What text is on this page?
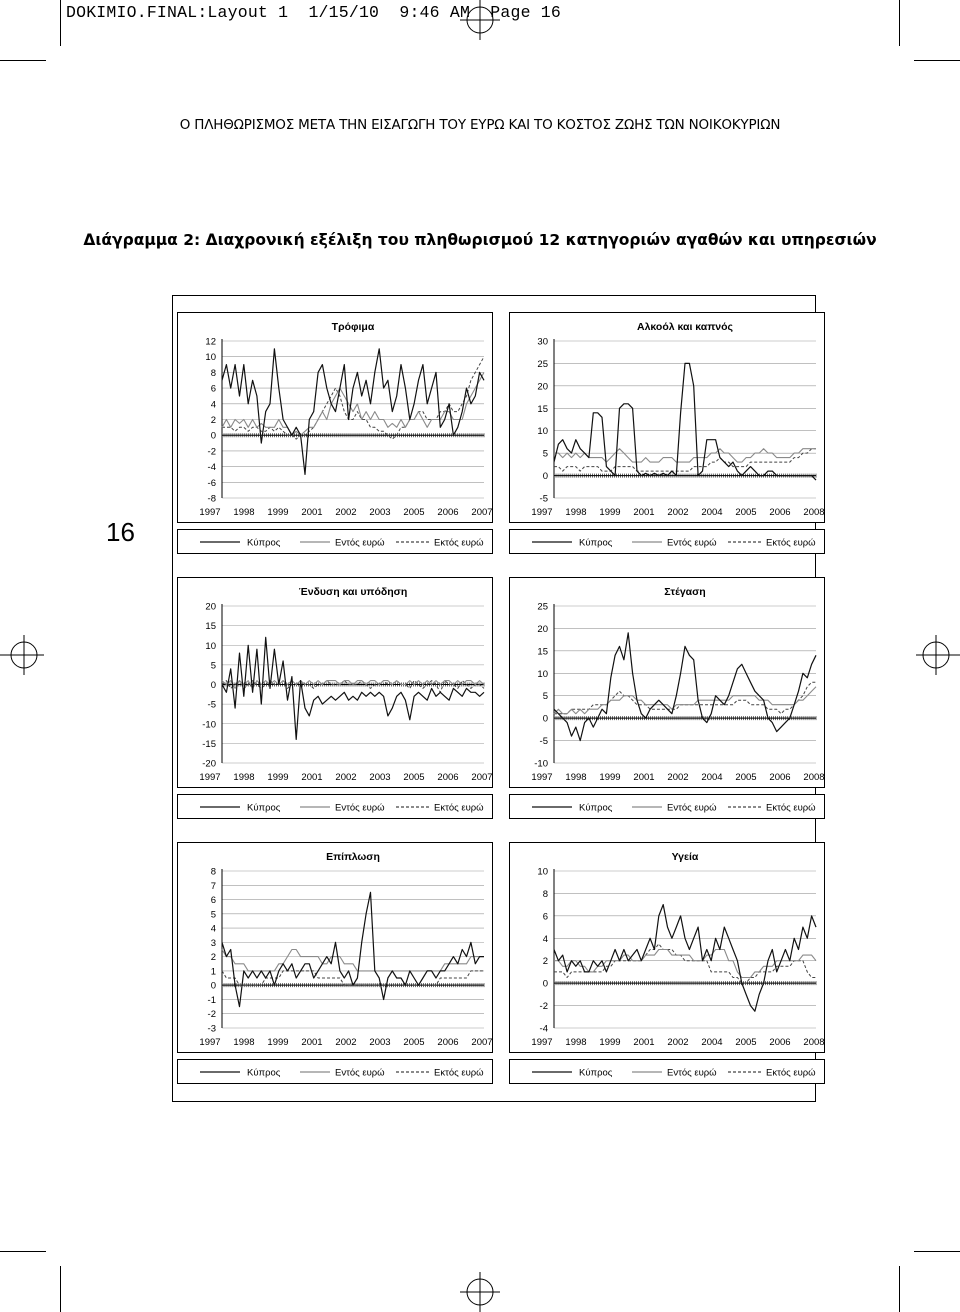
DOKIMIO.FINAL:Layout 1  1/15/10  9:46 AM  Page 16
Ο ΠΛΗΘΩΡΙΣΜΟΣ ΜΕΤΑ ΤΗΝ ΕΙΣΑΓΩΓΗ ΤΟΥ ΕΥΡΩ ΚΑΙ ΤΟ ΚΟΣΤΟΣ ΖΩΗΣ ΤΩΝ ΝΟΙΚΟΚΥΡΙΩΝ
Διάγραμμα 2: Διαχρονική εξέλιξη του πληθωρισμού 12 κατηγοριών αγαθών και υπηρεσιών
16
Τρόφιμα
12
10
8
6
4
2
0
-2
-4
-6
-8
1997 1998 1999 2001 2002 2003 2005 2006 2007
Κύπρος	Εντός ευρώ	Εκτός ευρώ
Αλκοόλ και καπνός
30
25
20
15
10
5
0
-5
1997 1998 1999 2001 2002 2004 2005 2006 2008
Κύπρος	Εντός ευρώ	Εκτός ευρώ
Ένδυση και υπόδηση
20
15
10
5
0
-5
-10
-15
-20
1997 1998 1999 2001 2002 2003 2005 2006 2007
Κύπρος	Εντός ευρώ	Εκτός ευρώ
Στέγαση
25
20
15
10
5
0
-5
-10
1997 1998 1999 2001 2002 2004 2005 2006 2008
Κύπρος	Εντός ευρώ	Εκτός ευρώ
Επίπλωση
8
7
6
5
4
3
2
1
0
-1
-2
-3
1997 1998 1999 2001 2002 2003 2005 2006 2007
Κύπρος	Εντός ευρώ	Εκτός ευρώ
Υγεία
10
8
6
4
2
0
-2
-4
1997 1998 1999 2001 2002 2004 2005 2006 2008
Κύπρος	Εντός ευρώ	Εκτός ευρώ
